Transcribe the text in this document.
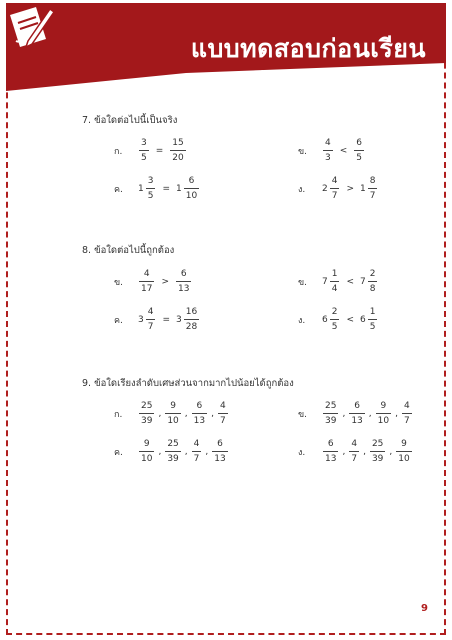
แบบทดสอบก่อนเรียน
การเปรียบเทียบและเรียงลำดับเศษส่วน
7. ข้อใดต่อไปนี้เป็นจริง
ก.	$\frac{3}{5} = \frac{15}{20}$	ข.	$\frac{4}{3} < \frac{6}{5}$
ค.	$1 \frac{3}{5} = 1 \frac{6}{10}$	ง.	$2 \frac{4}{7} > 1 \frac{8}{7}$
8. ข้อใดต่อไปนี้ถูกต้อง
ข.	$\frac{4}{17} > \frac{6}{13}$	ข.	$7 \frac{1}{4} < 7 \frac{2}{8}$
ค.	$3 \frac{4}{7} = 3 \frac{16}{28}$	ง.	$6 \frac{2}{5} < 6 \frac{1}{5}$
9. ข้อใดเรียงลำดับเศษส่วนจากมากไปน้อยได้ถูกต้อง
ก.	$\frac{25}{39}$ , $\frac{9}{10}$ , $\frac{6}{13}$ , $\frac{4}{7}$	ข.	$\frac{25}{39}$ , $\frac{6}{13}$ , $\frac{9}{10}$ , $\frac{4}{7}$
ค.	$\frac{9}{10}$ , $\frac{25}{39}$ , $\frac{4}{7}$ , $\frac{6}{13}$	ง.	$\frac{6}{13}$ , $\frac{4}{7}$ , $\frac{25}{39}$ , $\frac{9}{10}$
9
